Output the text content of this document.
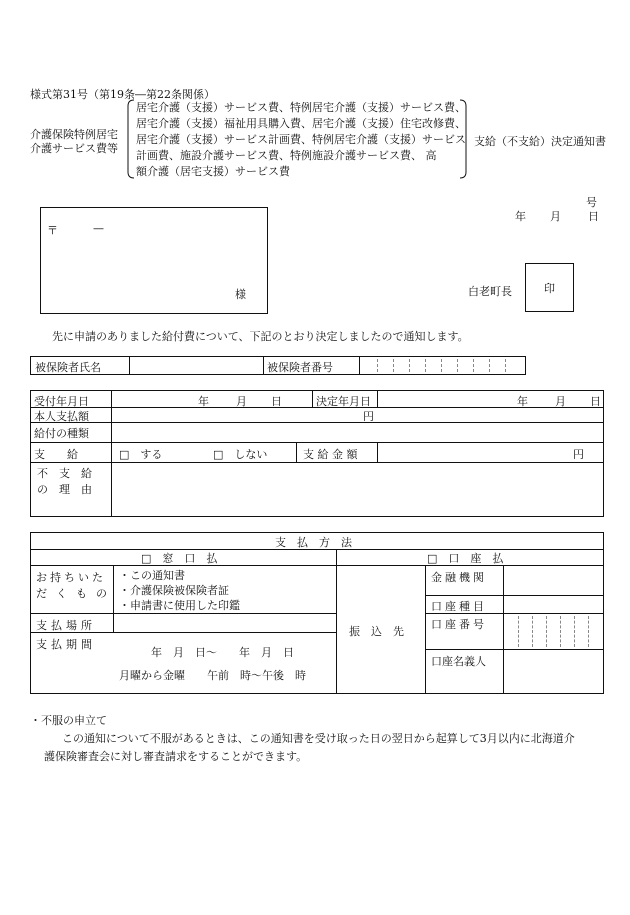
様式第31号（第19条―第22条関係）
介護保険特例居宅
介護サービス費等
居宅介護（支援）サービス費、特例居宅介護（支援）サービス費、
居宅介護（支援）福祉用具購入費、居宅介護（支援）住宅改修費、
居宅介護（支援）サービス計画費、特例居宅介護（支援）サービス
計画費、施設介護サービス費、特例施設介護サービス費、 高
額介護（居宅支援）サービス費
支給（不支給）決定通知書
号
年 月 日
〒	—
様	白老町長	印
先に申請のありました給付費について、下記のとおり決定しましたので通知します。
被保険者氏名	被保険者番号
受付年月日	年 月 日	決定年月日	年 月 日
本人支払額	円
給付の種類
支　　給	□　する	□　しない	支 給 金 額	円
不　支　給
の　理　由
支　払　方　法
□　窓　口　払	□　口　座　払
お持ちいた
だくもの
・この通知書
・介護保険被保険者証
・申請書に使用した印鑑
支払場所
支払期間
年　月　日～　　年　月　日
月曜から金曜　　午前　時～午後　時
振　込　先
金融機関
口座種目
口座番号
口座名義人
・不服の申立て
この通知について不服があるときは、この通知書を受け取った日の翌日から起算して3月以内に北海道介
護保険審査会に対し審査請求をすることができます。
